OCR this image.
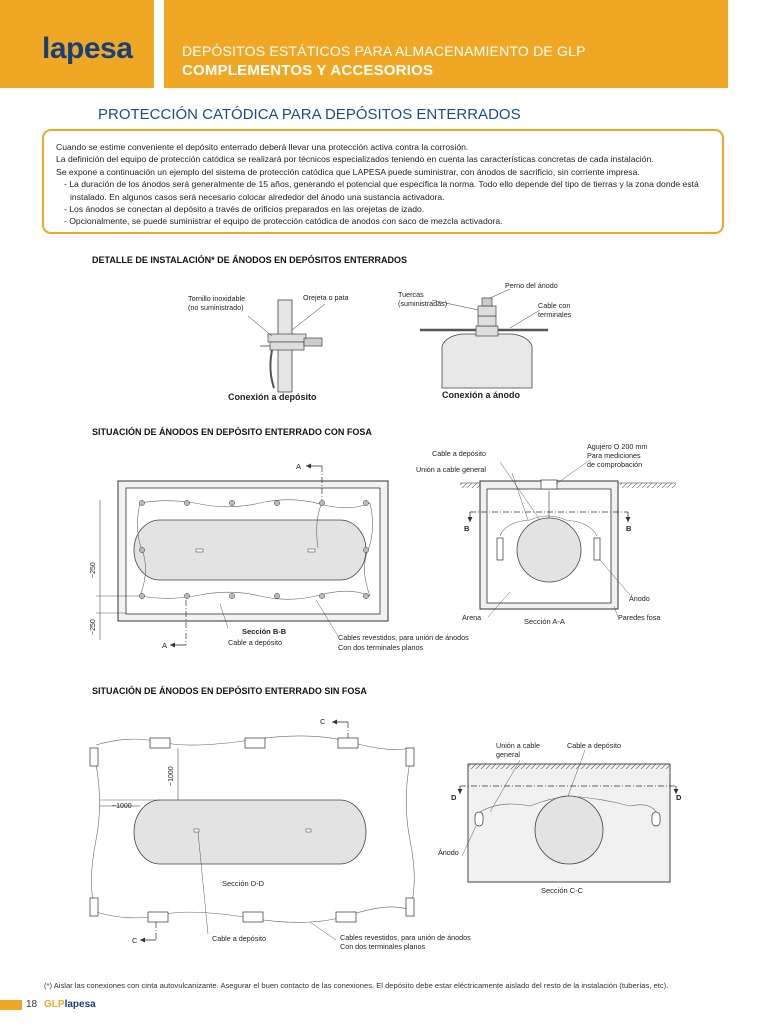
lapesa	DEPÓSITOS ESTÁTICOS PARA ALMACENAMIENTO DE GLP
COMPLEMENTOS Y ACCESORIOS
PROTECCIÓN CATÓDICA PARA DEPÓSITOS ENTERRADOS
Cuando se estime conveniente el depósito enterrado deberá llevar una protección activa contra la corrosión.
La definición del equipo de protección catódica se realizará por técnicos especializados teniendo en cuenta las características concretas de cada instalación.
Se expone a continuación un ejemplo del sistema de protección catódica que LAPESA puede suministrar, con ánodos de sacrificio, sin corriente impresa.
- La duración de los ánodos será generalmente de 15 años, generando el potencial que especifica la norma. Todo ello depende del tipo de tierras y la zona donde está instalado. En algunos casos será necesario colocar alrededor del ánodo una sustancia activadora.
- Los ánodos se conectan al depósito a través de orificios preparados en las orejetas de izado.
- Opcionalmente, se puede suministrar el equipo de protección catódica de anodos con saco de mezcla activadora.
DETALLE DE INSTALACIÓN* DE ÁNODOS EN DEPÓSITOS ENTERRADOS
SITUACIÓN DE ÁNODOS EN DEPÓSITO ENTERRADO CON FOSA
SITUACIÓN DE ÁNODOS EN DEPÓSITO ENTERRADO SIN FOSA
Tornillo inoxidable
(no suministrado)
Orejeta o pata
Conexión a depósito
Perno del ánodo
Tuercas
(suministradas)	Cable con
terminales
Conexión a ánodo
A
A
~250
~250	Sección B-B
Cable a depósito
Cables revestidos, para unión de ánodos
Con dos terminales planos
Cable a depósito
Unión a cable general
Agujero O 200 mm
Para mediciones
de comprobación
B	B
Ánodo
Arena	Sección A-A	Paredes fosa
C
C
~1000
~1000
Sección D-D
Cable a depósito	Cables revestidos, para unión de ánodos
Con dos terminales planos
Unión a cable
general
Cable a depósito
D	D
Ánodo
Sección C-C
(*) Aislar las conexiones con cinta autovulcanizante. Asegurar el buen contacto de las conexiones. El depósito debe estar eléctricamente aislado del resto de la instalación (tuberías, etc).
18 GLPlapesa
